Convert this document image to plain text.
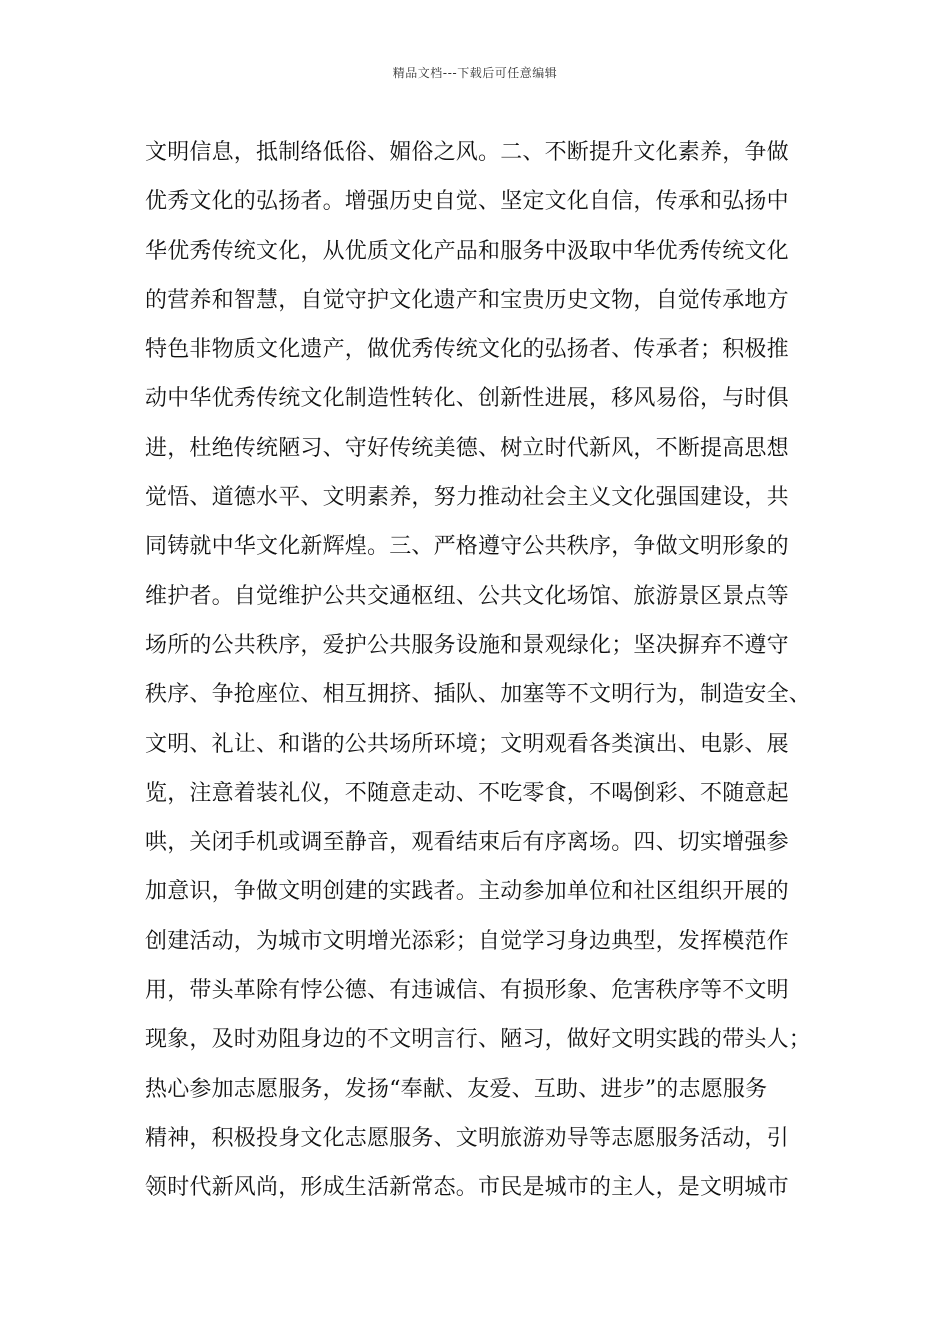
精品文档---下载后可任意编辑
文明信息，抵制络低俗、媚俗之风。二、不断提升文化素养，争做
优秀文化的弘扬者。增强历史自觉、坚定文化自信，传承和弘扬中
华优秀传统文化，从优质文化产品和服务中汲取中华优秀传统文化
的营养和智慧，自觉守护文化遗产和宝贵历史文物，自觉传承地方
特色非物质文化遗产，做优秀传统文化的弘扬者、传承者；积极推
动中华优秀传统文化制造性转化、创新性进展，移风易俗，与时俱
进，杜绝传统陋习、守好传统美德、树立时代新风，不断提高思想
觉悟、道德水平、文明素养，努力推动社会主义文化强国建设，共
同铸就中华文化新辉煌。三、严格遵守公共秩序，争做文明形象的
维护者。自觉维护公共交通枢纽、公共文化场馆、旅游景区景点等
场所的公共秩序，爱护公共服务设施和景观绿化；坚决摒弃不遵守
秩序、争抢座位、相互拥挤、插队、加塞等不文明行为，制造安全、
文明、礼让、和谐的公共场所环境；文明观看各类演出、电影、展
览，注意着装礼仪，不随意走动、不吃零食，不喝倒彩、不随意起
哄，关闭手机或调至静音，观看结束后有序离场。四、切实增强参
加意识，争做文明创建的实践者。主动参加单位和社区组织开展的
创建活动，为城市文明增光添彩；自觉学习身边典型，发挥模范作
用，带头革除有悖公德、有违诚信、有损形象、危害秩序等不文明
现象，及时劝阻身边的不文明言行、陋习，做好文明实践的带头人；
热心参加志愿服务，发扬“奉献、友爱、互助、进步”的志愿服务
精神，积极投身文化志愿服务、文明旅游劝导等志愿服务活动，引
领时代新风尚，形成生活新常态。市民是城市的主人，是文明城市
